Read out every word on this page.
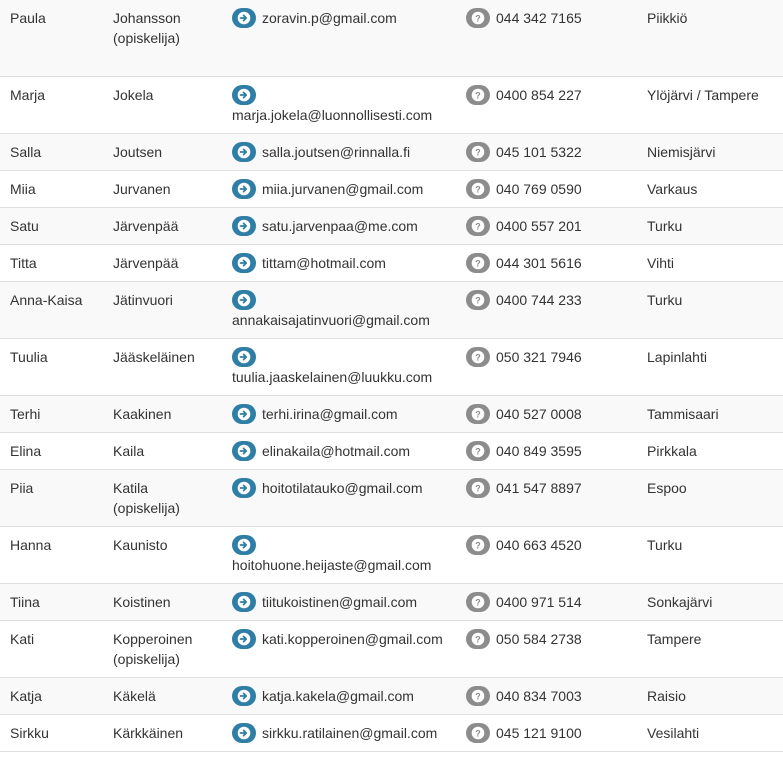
Paula	Johansson (opiskelija)	zoravin.p@gmail.com	? 044 342 7165	Piikkiö
Marja	Jokela	marja.jokela@luonnollisesti.com	? 0400 854 227	Ylöjärvi / Tampere
Salla	Joutsen	salla.joutsen@rinnalla.fi	? 045 101 5322	Niemisjärvi
Miia	Jurvanen	miia.jurvanen@gmail.com	? 040 769 0590	Varkaus
Satu	Järvenpää	satu.jarvenpaa@me.com	? 0400 557 201	Turku
Titta	Järvenpää	tittam@hotmail.com	? 044 301 5616	Vihti
Anna-Kaisa	Jätinvuori	annakaisajatinvuori@gmail.com	? 0400 744 233	Turku
Tuulia	Jääskeläinen	tuulia.jaaskelainen@luukku.com	? 050 321 7946	Lapinlahti
Terhi	Kaakinen	terhi.irina@gmail.com	? 040 527 0008	Tammisaari
Elina	Kaila	elinakaila@hotmail.com	? 040 849 3595	Pirkkala
Piia	Katila (opiskelija)	hoitotilatauko@gmail.com	? 041 547 8897	Espoo
Hanna	Kaunisto	hoitohuone.heijaste@gmail.com	? 040 663 4520	Turku
Tiina	Koistinen	tiitukoistinen@gmail.com	? 0400 971 514	Sonkajärvi
Kati	Kopperoinen (opiskelija)	kati.kopperoinen@gmail.com	? 050 584 2738	Tampere
Katja	Käkelä	katja.kakela@gmail.com	? 040 834 7003	Raisio
Sirkku	Kärkkäinen	sirkku.ratilainen@gmail.com	? 045 121 9100	Vesilahti
